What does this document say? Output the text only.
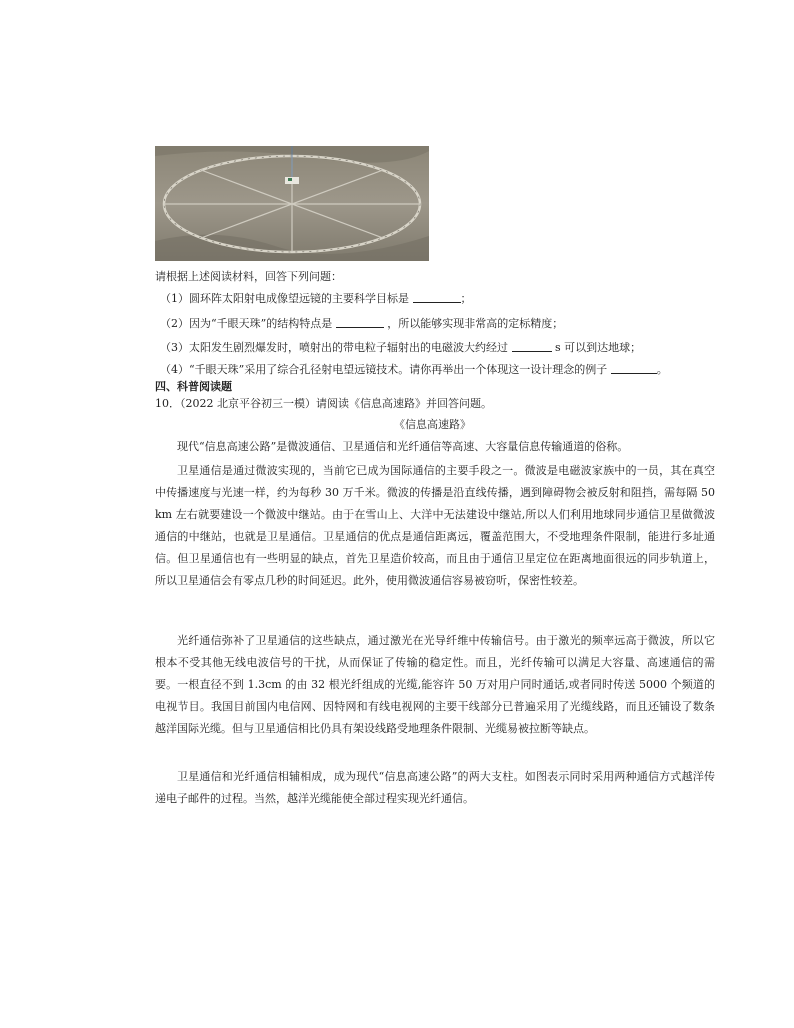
请根据上述阅读材料，回答下列问题：
（1）圆环阵太阳射电成像望远镜的主要科学目标是	；
（2）因为“千眼天珠”的结构特点是	，所以能够实现非常高的定标精度；
（3）太阳发生剧烈爆发时，喷射出的带电粒子辐射出的电磁波大约经过	s 可以到达地球；
（4）“千眼天珠”采用了综合孔径射电望远镜技术。请你再举出一个体现这一设计理念的例子	。
四、科普阅读题
10．（2022 北京平谷初三一模）请阅读《信息高速路》并回答问题。
《信息高速路》
现代“信息高速公路”是微波通信、卫星通信和光纤通信等高速、大容量信息传输通道的俗称。
卫星通信是通过微波实现的，当前它已成为国际通信的主要手段之一。微波是电磁波家族中的一员，其在真空中传播速度与光速一样，约为每秒 30 万千米。微波的传播是沿直线传播，遇到障碍物会被反射和阻挡，需每隔 50 km 左右就要建设一个微波中继站。由于在雪山上、大洋中无法建设中继站,所以人们利用地球同步通信卫星做微波通信的中继站，也就是卫星通信。卫星通信的优点是通信距离远，覆盖范围大，不受地理条件限制，能进行多址通信。但卫星通信也有一些明显的缺点，首先卫星造价较高，而且由于通信卫星定位在距离地面很远的同步轨道上，所以卫星通信会有零点几秒的时间延迟。此外，使用微波通信容易被窃听，保密性较差。
光纤通信弥补了卫星通信的这些缺点，通过激光在光导纤维中传输信号。由于激光的频率远高于微波，所以它根本不受其他无线电波信号的干扰，从而保证了传输的稳定性。而且，光纤传输可以满足大容量、高速通信的需要。一根直径不到 1.3cm 的由 32 根光纤组成的光缆,能容许 50 万对用户同时通话,或者同时传送 5000 个频道的电视节目。我国目前国内电信网、因特网和有线电视网的主要干线部分已普遍采用了光缆线路，而且还铺设了数条越洋国际光缆。但与卫星通信相比仍具有架设线路受地理条件限制、光缆易被拉断等缺点。
卫星通信和光纤通信相辅相成，成为现代“信息高速公路”的两大支柱。如图表示同时采用两种通信方式越洋传递电子邮件的过程。当然，越洋光缆能使全部过程实现光纤通信。
